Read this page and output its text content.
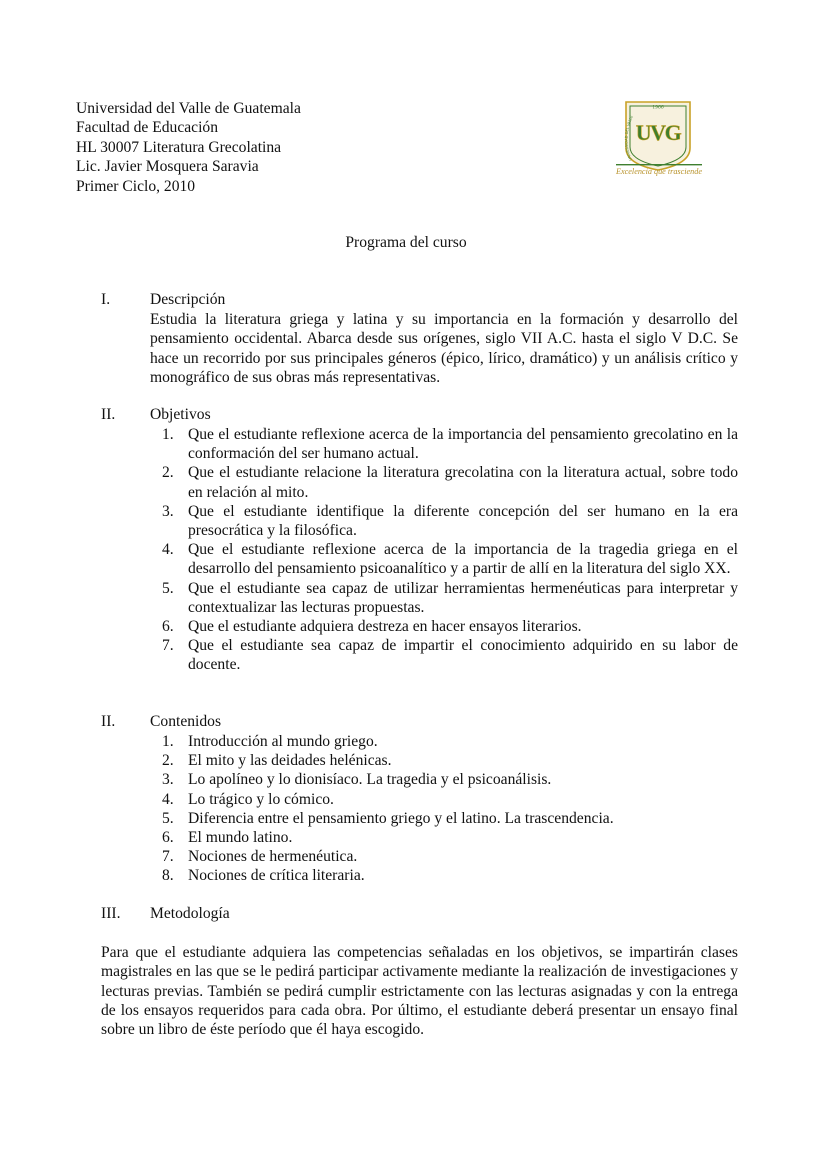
Universidad del Valle de Guatemala
Facultad de Educación
HL 30007 Literatura Grecolatina
Lic. Javier Mosquera Saravia
Primer Ciclo, 2010
1966
UVG
UNIVERSIDAD DEL VALLE
Excelencia que trasciende
Programa del curso
I.	Descripción
Estudia la literatura griega y latina y su importancia en la formación y desarrollo del pensamiento occidental. Abarca desde sus orígenes, siglo VII A.C. hasta el siglo V D.C. Se hace un recorrido por sus principales géneros (épico, lírico, dramático) y un análisis crítico y monográfico de sus obras más representativas.
II. Objetivos
1. Que el estudiante reflexione acerca de la importancia del pensamiento grecolatino en la conformación del ser humano actual.
2. Que el estudiante relacione la literatura grecolatina con la literatura actual, sobre todo en relación al mito.
3. Que el estudiante identifique la diferente concepción del ser humano en la era presocrática y la filosófica.
4. Que el estudiante reflexione acerca de la importancia de la tragedia griega en el desarrollo del pensamiento psicoanalítico y a partir de allí en la literatura del siglo XX.
5. Que el estudiante sea capaz de utilizar herramientas hermenéuticas para interpretar y contextualizar las lecturas propuestas.
6. Que el estudiante adquiera destreza en hacer ensayos literarios.
7. Que el estudiante sea capaz de impartir el conocimiento adquirido en su labor de docente.
II. Contenidos
1. Introducción al mundo griego.
2. El mito y las deidades helénicas.
3. Lo apolíneo y lo dionisíaco. La tragedia y el psicoanálisis.
4. Lo trágico y lo cómico.
5. Diferencia entre el pensamiento griego y el latino. La trascendencia.
6. El mundo latino.
7. Nociones de hermenéutica.
8. Nociones de crítica literaria.
III. Metodología
Para que el estudiante adquiera las competencias señaladas en los objetivos, se impartirán clases magistrales en las que se le pedirá participar activamente mediante la realización de investigaciones y lecturas previas. También se pedirá cumplir estrictamente con las lecturas asignadas y con la entrega de los ensayos requeridos para cada obra. Por último, el estudiante deberá presentar un ensayo final sobre un libro de éste período que él haya escogido.
